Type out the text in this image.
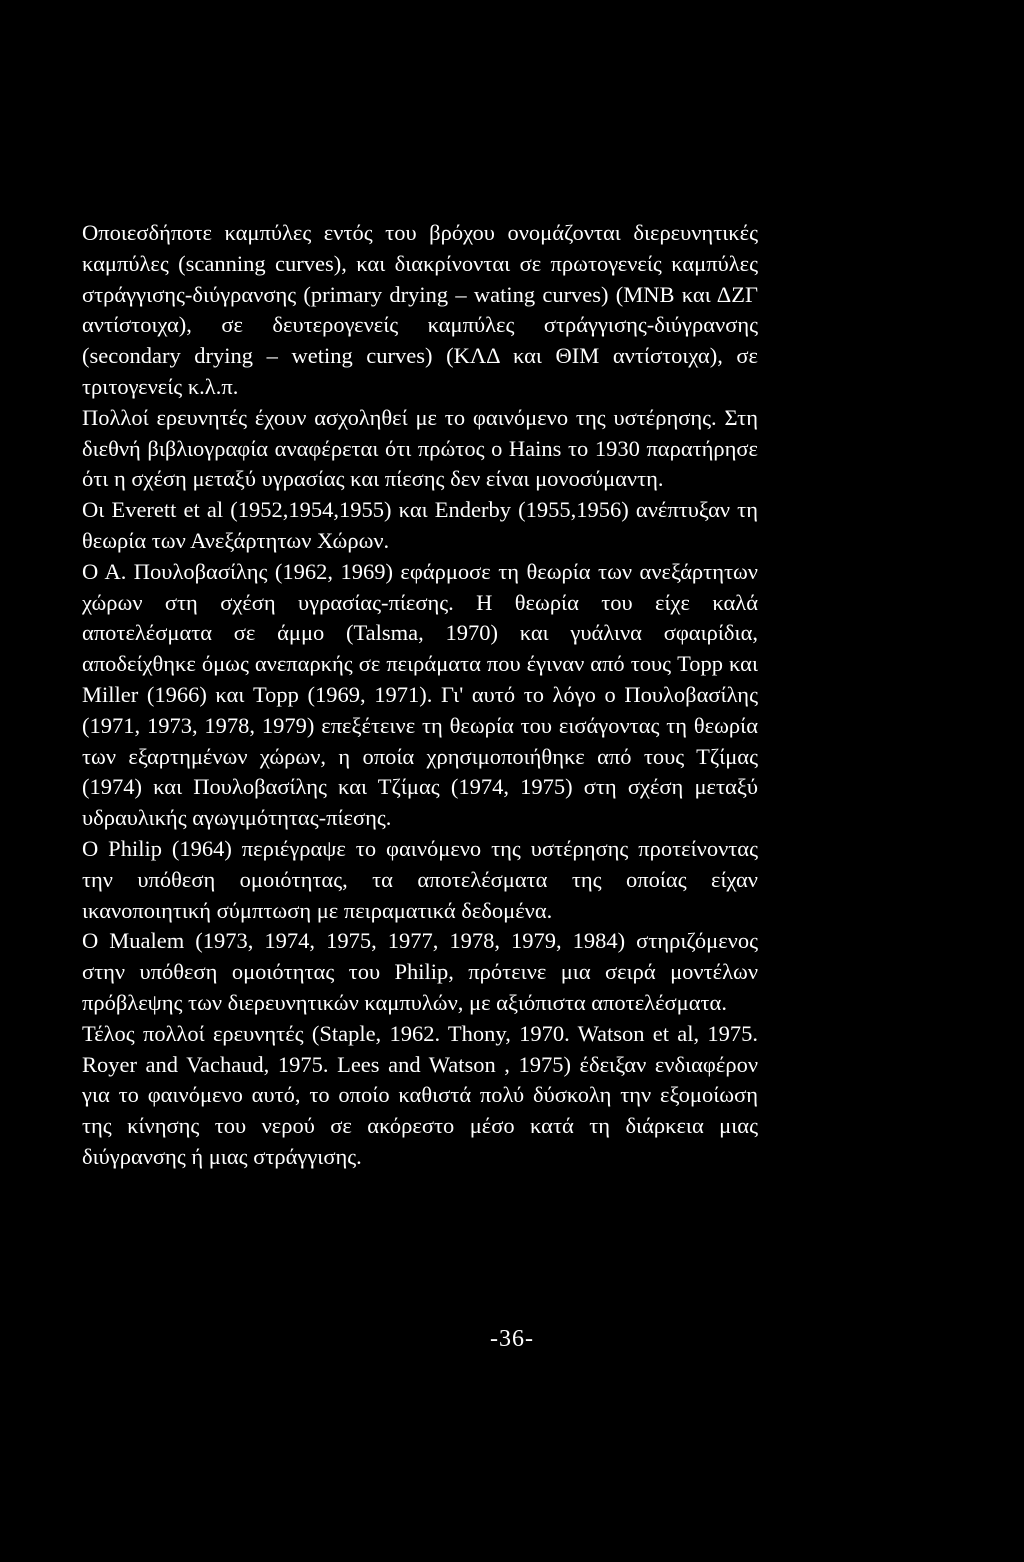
Οποιεσδήποτε καμπύλες εντός του βρόχου ονομάζονται διερευνητικές καμπύλες (scanning curves), και διακρίνονται σε πρωτογενείς καμπύλες στράγγισης-διύγρανσης (primary drying – wating curves) (MNB και ΔΖΓ αντίστοιχα), σε δευτερογενείς καμπύλες στράγγισης-διύγρανσης (secondary drying – weting curves) (ΚΛΔ και ΘΙΜ αντίστοιχα), σε τριτογενείς κ.λ.π.

Πολλοί ερευνητές έχουν ασχοληθεί με το φαινόμενο της υστέρησης. Στη διεθνή βιβλιογραφία αναφέρεται ότι πρώτος ο Hains το 1930 παρατήρησε ότι η σχέση μεταξύ υγρασίας και πίεσης δεν είναι μονοσύμαντη.

Οι Everett et al (1952,1954,1955) και Enderby (1955,1956) ανέπτυξαν τη θεωρία των Ανεξάρτητων Χώρων.

Ο Α. Πουλοβασίλης (1962, 1969) εφάρμοσε τη θεωρία των ανεξάρτητων χώρων στη σχέση υγρασίας-πίεσης. Η θεωρία του είχε καλά αποτελέσματα σε άμμο (Talsma, 1970) και γυάλινα σφαιρίδια, αποδείχθηκε όμως ανεπαρκής σε πειράματα που έγιναν από τους Topp και Miller (1966) και Topp (1969, 1971). Γι' αυτό το λόγο ο Πουλοβασίλης (1971, 1973, 1978, 1979) επεξέτεινε τη θεωρία του εισάγοντας τη θεωρία των εξαρτημένων χώρων, η οποία χρησιμοποιήθηκε από τους Τζίμας (1974) και Πουλοβασίλης και Τζίμας (1974, 1975) στη σχέση μεταξύ υδραυλικής αγωγιμότητας-πίεσης.

Ο Philip (1964) περιέγραψε το φαινόμενο της υστέρησης προτείνοντας την υπόθεση ομοιότητας, τα αποτελέσματα της οποίας είχαν ικανοποιητική σύμπτωση με πειραματικά δεδομένα.

Ο Mualem (1973, 1974, 1975, 1977, 1978, 1979, 1984) στηριζόμενος στην υπόθεση ομοιότητας του Philip, πρότεινε μια σειρά μοντέλων πρόβλεψης των διερευνητικών καμπυλών, με αξιόπιστα αποτελέσματα.

Τέλος πολλοί ερευνητές (Staple, 1962. Thony, 1970. Watson et al, 1975. Royer and Vachaud, 1975. Lees and Watson , 1975) έδειξαν ενδιαφέρον για το φαινόμενο αυτό, το οποίο καθιστά πολύ δύσκολη την εξομοίωση της κίνησης του νερού σε ακόρεστο μέσο κατά τη διάρκεια μιας διύγρανσης ή μιας στράγγισης.

-36-
